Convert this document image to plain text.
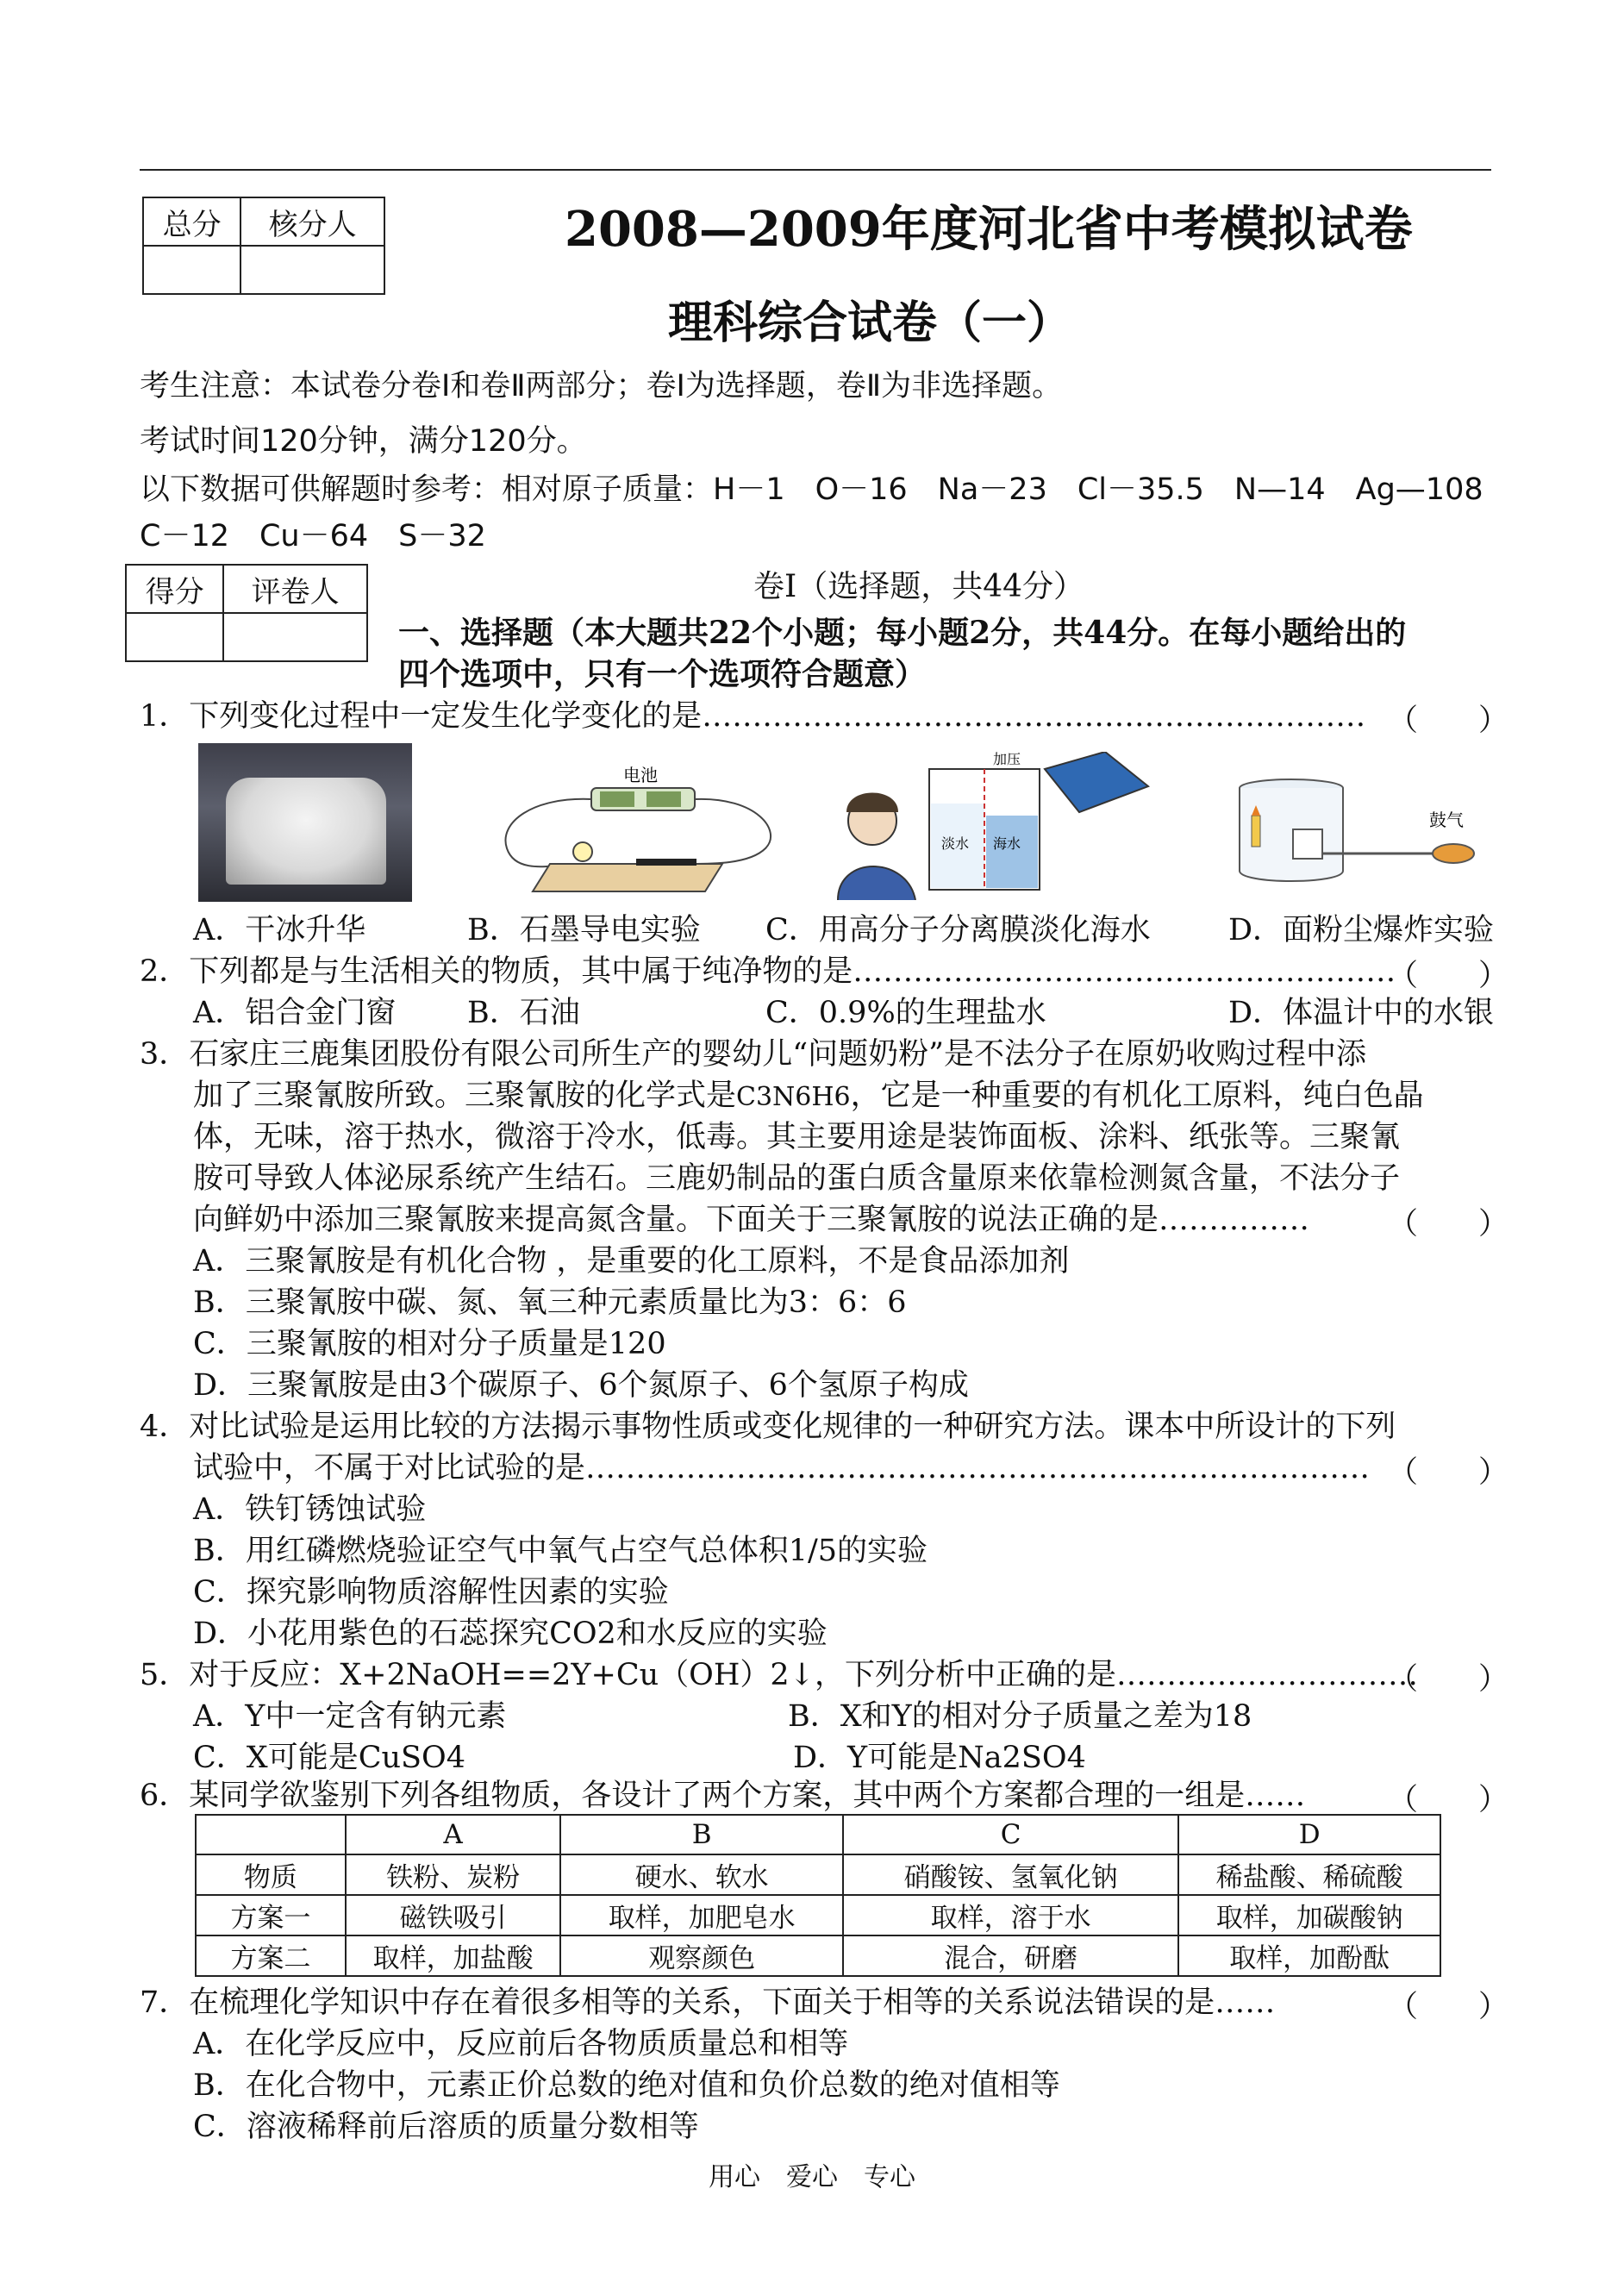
总分	核分人
		2008—2009年度河北省中考模拟试卷
理科综合试卷（一）
考生注意：本试卷分卷Ⅰ和卷Ⅱ两部分；卷Ⅰ为选择题，卷Ⅱ为非选择题。
考试时间120分钟，满分120分。
以下数据可供解题时参考：相对原子质量：H－1　O－16　Na－23　Cl－35.5　N—14　Ag—108
C－12　Cu－64　S－32
得分	评卷人
		卷Ⅰ（选择题，共44分）
一、选择题（本大题共22个小题；每小题2分，共44分。在每小题给出的
四个选项中，只有一个选项符合题意）
1．下列变化过程中一定发生化学变化的是………………………………………………………… （　　）
电池
加压
淡水 海水
鼓气
A．干冰升华	B．石墨导电实验 C．用高分子分离膜淡化海水	D．面粉尘爆炸实验
2．下列都是与生活相关的物质，其中属于纯净物的是………………………………………………
（　　）
A．铝合金门窗 B．石油	C．0.9%的生理盐水	D．体温计中的水银
3．石家庄三鹿集团股份有限公司所生产的婴幼儿“问题奶粉”是不法分子在原奶收购过程中添
加了三聚氰胺所致。三聚氰胺的化学式是C3N6H6，它是一种重要的有机化工原料，纯白色晶
体，无味，溶于热水，微溶于冷水，低毒。其主要用途是装饰面板、涂料、纸张等。三聚氰
胺可导致人体泌尿系统产生结石。三鹿奶制品的蛋白质含量原来依靠检测氮含量，不法分子
向鲜奶中添加三聚氰胺来提高氮含量。下面关于三聚氰胺的说法正确的是……………	（　　）
A．三聚氰胺是有机化合物 ，是重要的化工原料，不是食品添加剂
B．三聚氰胺中碳、氮、氧三种元素质量比为3：6：6
C．三聚氰胺的相对分子质量是120
D．三聚氰胺是由3个碳原子、6个氮原子、6个氢原子构成
4．对比试验是运用比较的方法揭示事物性质或变化规律的一种研究方法。课本中所设计的下列
试验中，不属于对比试验的是…………………………………………………………………… （　　）
A．铁钉锈蚀试验
B．用红磷燃烧验证空气中氧气占空气总体积1/5的实验
C．探究影响物质溶解性因素的实验
D．小花用紫色的石蕊探究CO2和水反应的实验
5．对于反应：X+2NaOH==2Y+Cu（OH）2↓，下列分析中正确的是…………………………
（　　）
A．Y中一定含有钠元素	B．X和Y的相对分子质量之差为18
C．X可能是CuSO4	D．Y可能是Na2SO4
6．某同学欲鉴别下列各组物质，各设计了两个方案，其中两个方案都合理的一组是……	（　　）
	A	B	C	D
物质	铁粉、炭粉	硬水、软水	硝酸铵、氢氧化钠	稀盐酸、稀硫酸
方案一	磁铁吸引	取样，加肥皂水	取样，溶于水	取样，加碳酸钠
方案二	取样，加盐酸	观察颜色	混合，研磨	取样，加酚酞
7．在梳理化学知识中存在着很多相等的关系，下面关于相等的关系说法错误的是……	（　　）
A．在化学反应中，反应前后各物质质量总和相等
B．在化合物中，元素正价总数的绝对值和负价总数的绝对值相等
C．溶液稀释前后溶质的质量分数相等
用心　爱心　专心
